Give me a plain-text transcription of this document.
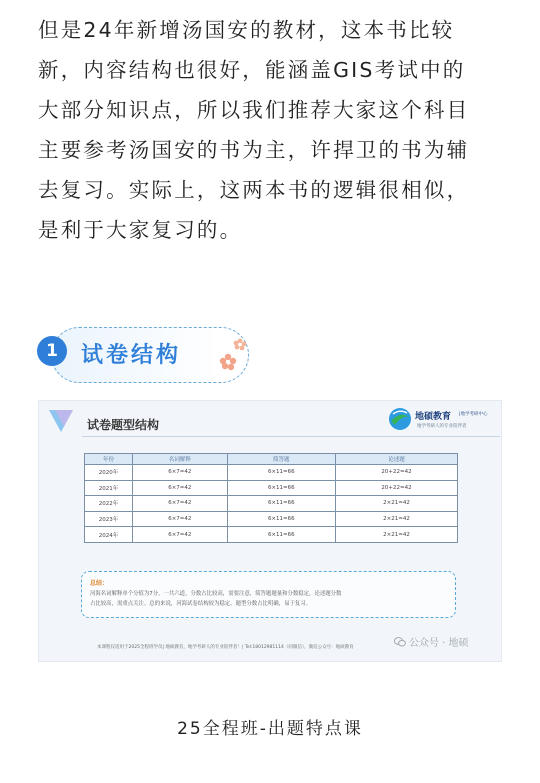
但是24年新增汤国安的教材，这本书比较

新，内容结构也很好，能涵盖GIS考试中的

大部分知识点，所以我们推荐大家这个科目

主要参考汤国安的书为主，许捍卫的书为辅

去复习。实际上，这两本书的逻辑很相似，

是利于大家复习的。

1	试卷结构
试卷题型结构
地硕教育 |地学考研中心
地学考研人的专业陪伴者
年份	名词解释	简答题	论述题
2020年	6×7=42	6×11=66	20+22=42
2021年	6×7=42	6×11=66	20+22=42
2022年	6×7=42	6×11=66	2×21=42
2023年	6×7=42	6×11=66	2×21=42
2024年	6×7=42	6×11=66	2×21=42
总结：
河海名词解释单个分值为7分，一共六道，分数占比较高，需要注意，简答题题量和分数稳定，论述题分数
占比较高，需重点关注。总的来说，河海试卷结构较为稳定，题型分数占比明确，易于复习。
本课程仅适用于2025全程班学员| 地硕教育，地学考研人的专业陪伴者！| Tel:18012981114（同微信），微信公众号：地硕教育	公众号 · 地硕
25全程班-出题特点课
